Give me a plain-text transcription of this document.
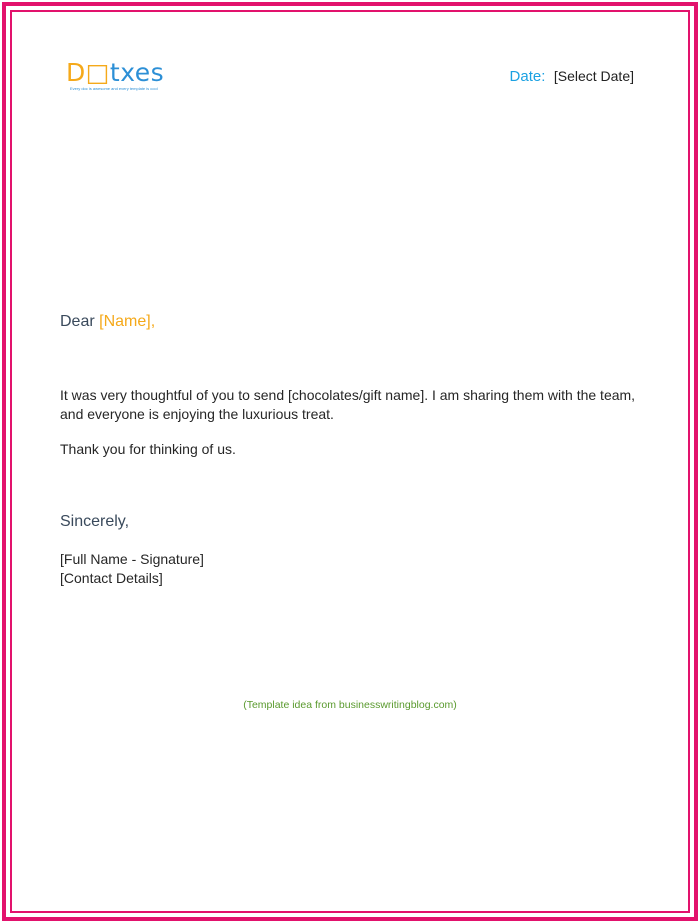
D□txes
Every doc is awesome and every template is cool
Date: [Select Date]
Dear [Name],
It was very thoughtful of you to send [chocolates/gift name]. I am sharing them with the team, and everyone is enjoying the luxurious treat.
Thank you for thinking of us.
Sincerely,
[Full Name - Signature]
[Contact Details]
(Template idea from businesswritingblog.com)
